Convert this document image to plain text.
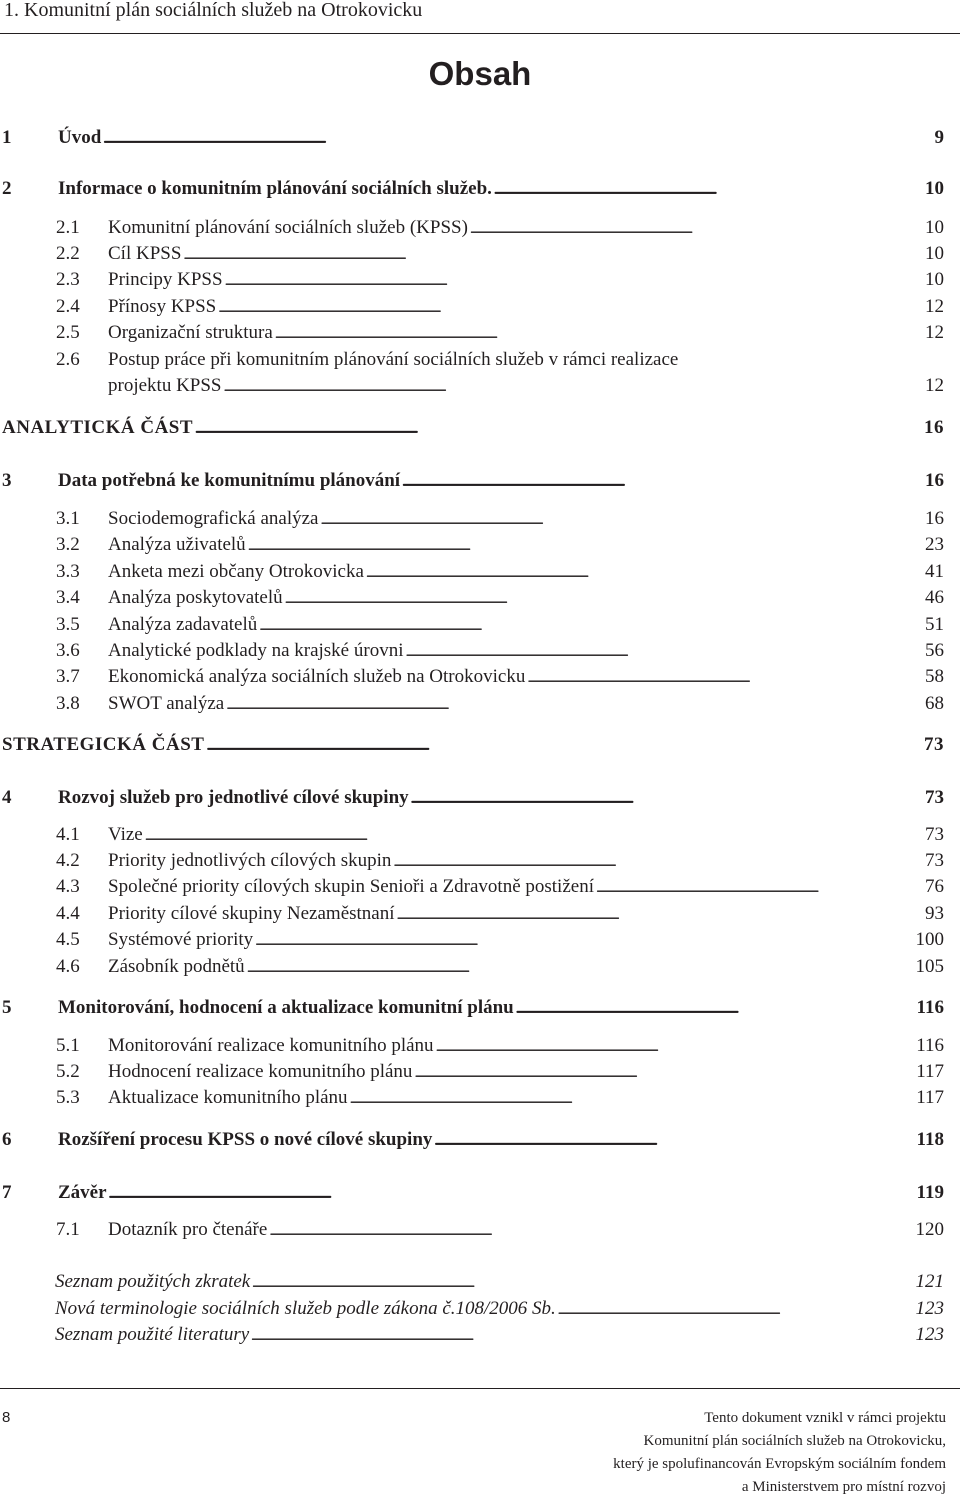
1. Komunitní plán sociálních služeb na Otrokovicku
Obsah
1	Úvod . . .	9
2	Informace o komunitním plánování sociálních služeb. . . .	10
2.1	Komunitní plánování sociálních služeb (KPSS) . . .	10
2.2	Cíl KPSS . . .	10
2.3	Principy KPSS . . .	10
2.4	Přínosy KPSS . . .	12
2.5	Organizační struktura . . .	12
2.6	Postup práce při komunitním plánování sociálních služeb v rámci realizace
projektu KPSS . . .	12
ANALYTICKÁ ČÁST . . .	16
3	Data potřebná ke komunitnímu plánování . . .	16
3.1	Sociodemografická analýza . . .	16
3.2	Analýza uživatelů . . .	23
3.3	Anketa mezi občany Otrokovicka . . .	41
3.4	Analýza poskytovatelů . . .	46
3.5	Analýza zadavatelů . . .	51
3.6	Analytické podklady na krajské úrovni . . .	56
3.7	Ekonomická analýza sociálních služeb na Otrokovicku . . .	58
3.8	SWOT analýza . . .	68
STRATEGICKÁ ČÁST . . .	73
4	Rozvoj služeb pro jednotlivé cílové skupiny . . .	73
4.1	Vize . . .	73
4.2	Priority jednotlivých cílových skupin . . .	73
4.3	Společné priority cílových skupin Senioři a Zdravotně postižení . . .	76
4.4	Priority cílové skupiny Nezaměstnaní . . .	93
4.5	Systémové priority . . .	100
4.6	Zásobník podnětů . . .	105
5	Monitorování, hodnocení a aktualizace komunitní plánu . . .	116
5.1	Monitorování realizace komunitního plánu . . .	116
5.2	Hodnocení realizace komunitního plánu . . .	117
5.3	Aktualizace komunitního plánu . . .	117
6	Rozšíření procesu KPSS o nové cílové skupiny . . .	118
7	Závěr . . .	119
7.1	Dotazník pro čtenáře . . .	120
Seznam použitých zkratek . . .	121
Nová terminologie sociálních služeb podle zákona č.108/2006 Sb. . . .	123
Seznam použité literatury . . .	123
8	Tento dokument vznikl v rámci projektu
Komunitní plán sociálních služeb na Otrokovicku,
který je spolufinancován Evropským sociálním fondem
a Ministerstvem pro místní rozvoj
